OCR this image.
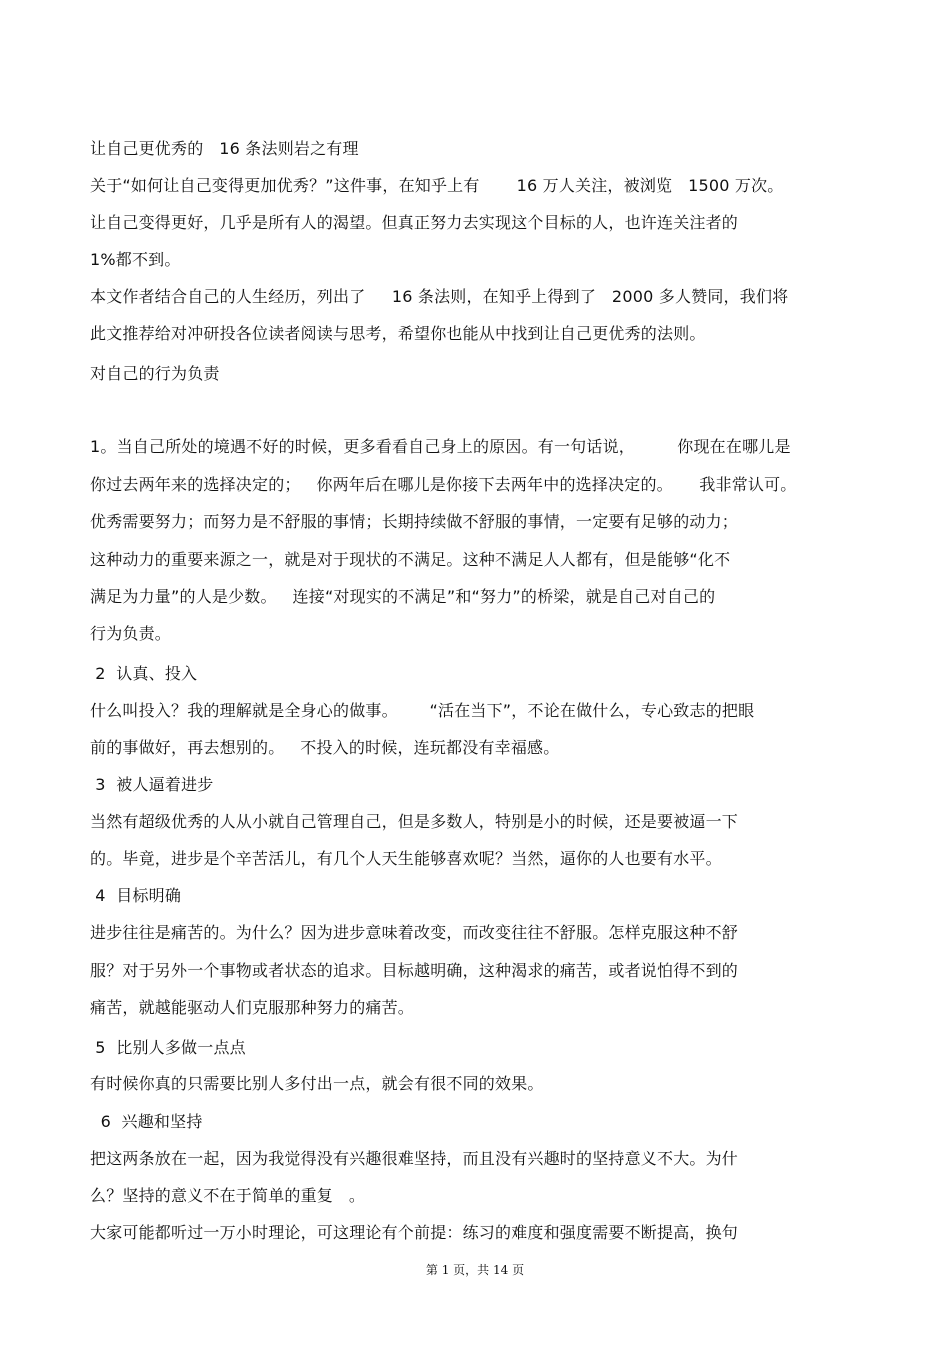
让自己更优秀的   16 条法则岩之有理
关于“如何让自己变得更加优秀？”这件事，在知乎上有       16 万人关注，被浏览   1500 万次。
让自己变得更好，几乎是所有人的渴望。但真正努力去实现这个目标的人，也许连关注者的
1%都不到。
本文作者结合自己的人生经历，列出了     16 条法则，在知乎上得到了   2000 多人赞同，我们将
此文推荐给对冲研投各位读者阅读与思考，希望你也能从中找到让自己更优秀的法则。
对自己的行为负责
1。当自己所处的境遇不好的时候，更多看看自己身上的原因。有一句话说，        你现在在哪儿是
你过去两年来的选择决定的；   你两年后在哪儿是你接下去两年中的选择决定的。     我非常认可。
优秀需要努力；而努力是不舒服的事情；长期持续做不舒服的事情，一定要有足够的动力；
这种动力的重要来源之一，就是对于现状的不满足。这种不满足人人都有，但是能够“化不
满足为力量”的人是少数。   连接“对现实的不满足”和“努力”的桥梁，就是自己对自己的
行为负责。
2  认真、投入
什么叫投入？我的理解就是全身心的做事。      “活在当下”，不论在做什么，专心致志的把眼
前的事做好，再去想别的。   不投入的时候，连玩都没有幸福感。
3  被人逼着进步
当然有超级优秀的人从小就自己管理自己，但是多数人，特别是小的时候，还是要被逼一下
的。毕竟，进步是个辛苦活儿，有几个人天生能够喜欢呢？当然，逼你的人也要有水平。
4  目标明确
进步往往是痛苦的。为什么？因为进步意味着改变，而改变往往不舒服。怎样克服这种不舒
服？对于另外一个事物或者状态的追求。目标越明确，这种渴求的痛苦，或者说怕得不到的
痛苦，就越能驱动人们克服那种努力的痛苦。
5  比别人多做一点点
有时候你真的只需要比别人多付出一点，就会有很不同的效果。
6  兴趣和坚持
把这两条放在一起，因为我觉得没有兴趣很难坚持，而且没有兴趣时的坚持意义不大。为什
么？坚持的意义不在于简单的重复   。
大家可能都听过一万小时理论，可这理论有个前提：练习的难度和强度需要不断提高，换句
第 1 页，共 14 页
